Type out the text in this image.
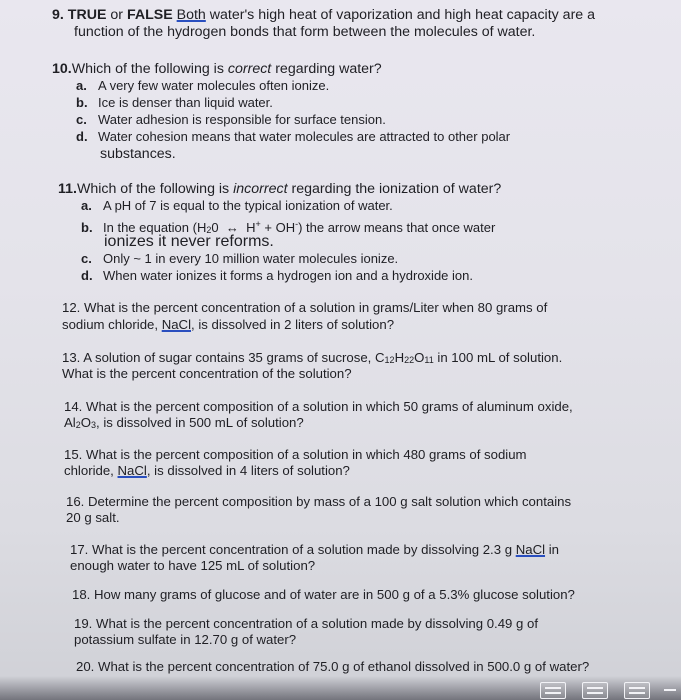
9. TRUE or FALSE Both water's high heat of vaporization and high heat capacity are a
function of the hydrogen bonds that form between the molecules of water.
10.Which of the following is correct regarding water?
a. A very few water molecules often ionize.
b. Ice is denser than liquid water.
c. Water adhesion is responsible for surface tension.
d. Water cohesion means that water molecules are attracted to other polar
substances.
11.Which of the following is incorrect regarding the ionization of water?
a. A pH of 7 is equal to the typical ionization of water.
b. In the equation ($H_20$ ↔ H+ + OH-) the arrow means that once water
ionizes it never reforms.
c. Only ~ 1 in every 10 million water molecules ionize.
d. When water ionizes it forms a hydrogen ion and a hydroxide ion.
12. What is the percent concentration of a solution in grams/Liter when 80 grams of
sodium chloride, NaCl, is dissolved in 2 liters of solution?
13. A solution of sugar contains 35 grams of sucrose, $C_{12}H_{22}O_{11}$ in 100 mL of solution.
What is the percent concentration of the solution?
14. What is the percent composition of a solution in which 50 grams of aluminum oxide,
$Al_2O_3$, is dissolved in 500 mL of solution?
15. What is the percent composition of a solution in which 480 grams of sodium
chloride, NaCl, is dissolved in 4 liters of solution?
16. Determine the percent composition by mass of a 100 g salt solution which contains
20 g salt.
17. What is the percent concentration of a solution made by dissolving 2.3 g NaCl in
enough water to have 125 mL of solution?
18. How many grams of glucose and of water are in 500 g of a 5.3% glucose solution?
19. What is the percent concentration of a solution made by dissolving 0.49 g of
potassium sulfate in 12.70 g of water?
20. What is the percent concentration of 75.0 g of ethanol dissolved in 500.0 g of water?
